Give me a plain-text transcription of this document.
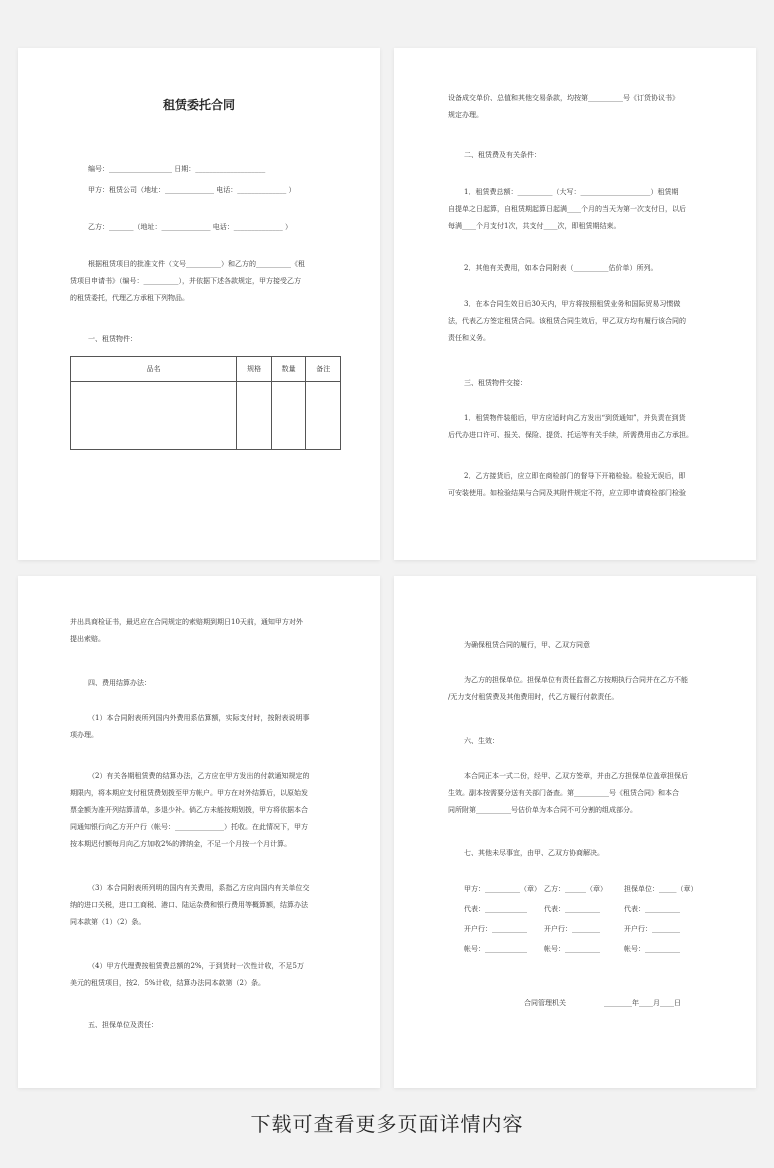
租赁委托合同
编号：__________________ 日期：____________________
甲方：租赁公司（地址：______________ 电话：______________ ）
乙方：_______（地址：______________ 电话：______________ ）
根据租赁项目的批准文件（文号__________）和乙方的__________《租
赁项目申请书》（编号：__________），并依据下述各款规定，甲方接受乙方
的租赁委托，代理乙方承租下列物品。
一、租赁物件：
品名	规格	数量	备注

设备成交单价、总值和其他交易条款，均按第__________号《订货协议书》
规定办理。
二、租赁费及有关条件：
1．租赁费总额：__________（大写：____________________）租赁期
自提单之日起算，自租赁期起算日起满____个月的当天为第一次支付日，以后
每满____个月支付1次，共支付____次，即租赁期结束。
2．其他有关费用，如本合同附表（__________估价单）所列。
3．在本合同生效日后30天内，甲方将按照租赁业务和国际贸易习惯做
法，代表乙方签定租赁合同。该租赁合同生效后，甲乙双方均有履行该合同的
责任和义务。
三、租赁物件交接：
1．租赁物件装船后，甲方应适时向乙方发出“到货通知”，并负责在到货
后代办进口许可、报关、保险、提货、托运等有关手续，所需费用由乙方承担。
2．乙方接货后，应立即在商检部门的督导下开箱检验。检验无误后，即
可安装使用。如检验结果与合同及其附件规定不符，应立即申请商检部门检验
并出具商检证书，最迟应在合同规定的索赔期到期日10天前，通知甲方对外
提出索赔。
四、费用结算办法：
（1）本合同附表所列国内外费用系估算额，实际支付时，按附表说明事
项办理。
（2）有关各期租赁费的结算办法，乙方应在甲方发出的付款通知规定的
期限内，将本期应支付租赁费划拨至甲方帐户。甲方在对外结算后，以原始发
票金额为准开列结算清单，多退少补。倘乙方未能按期划拨，甲方将依据本合
同通知银行向乙方开户行（帐号：______________）托收。在此情况下，甲方
按本期迟付额每月向乙方加收2%的滞纳金，不足一个月按一个月计算。
（3）本合同附表所列明的国内有关费用，系指乙方应向国内有关单位交
纳的进口关税，进口工商税、港口、陆运杂费和银行费用等概算额，结算办法
同本款第（1）（2）条。
（4）甲方代理费按租赁费总额的2%，于到货时一次性计收，不足5万
美元的租赁项目，按2．5%计收，结算办法同本款第（2）条。
五、担保单位及责任：
为确保租赁合同的履行，甲、乙双方同意
为乙方的担保单位。担保单位有责任监督乙方按期执行合同并在乙方不能
/无力支付租赁费及其他费用时，代乙方履行付款责任。
六、生效：
本合同正本一式二份，经甲、乙双方签章，并由乙方担保单位盖章担保后
生效。副本按需要分送有关部门备查。第__________号《租赁合同》和本合
同所附第__________号估价单为本合同不可分割的组成部分。
七、其他未尽事宜，由甲、乙双方协商解决。
甲方：__________（章） 乙方：______（章） 担保单位：_____（章）
代表：____________ 代表：__________	代表：__________
开户行：__________ 开户行：________	开户行：________
帐号：____________ 帐号：__________	帐号：__________
合同管理机关	________年____月____日
下载可查看更多页面详情内容
